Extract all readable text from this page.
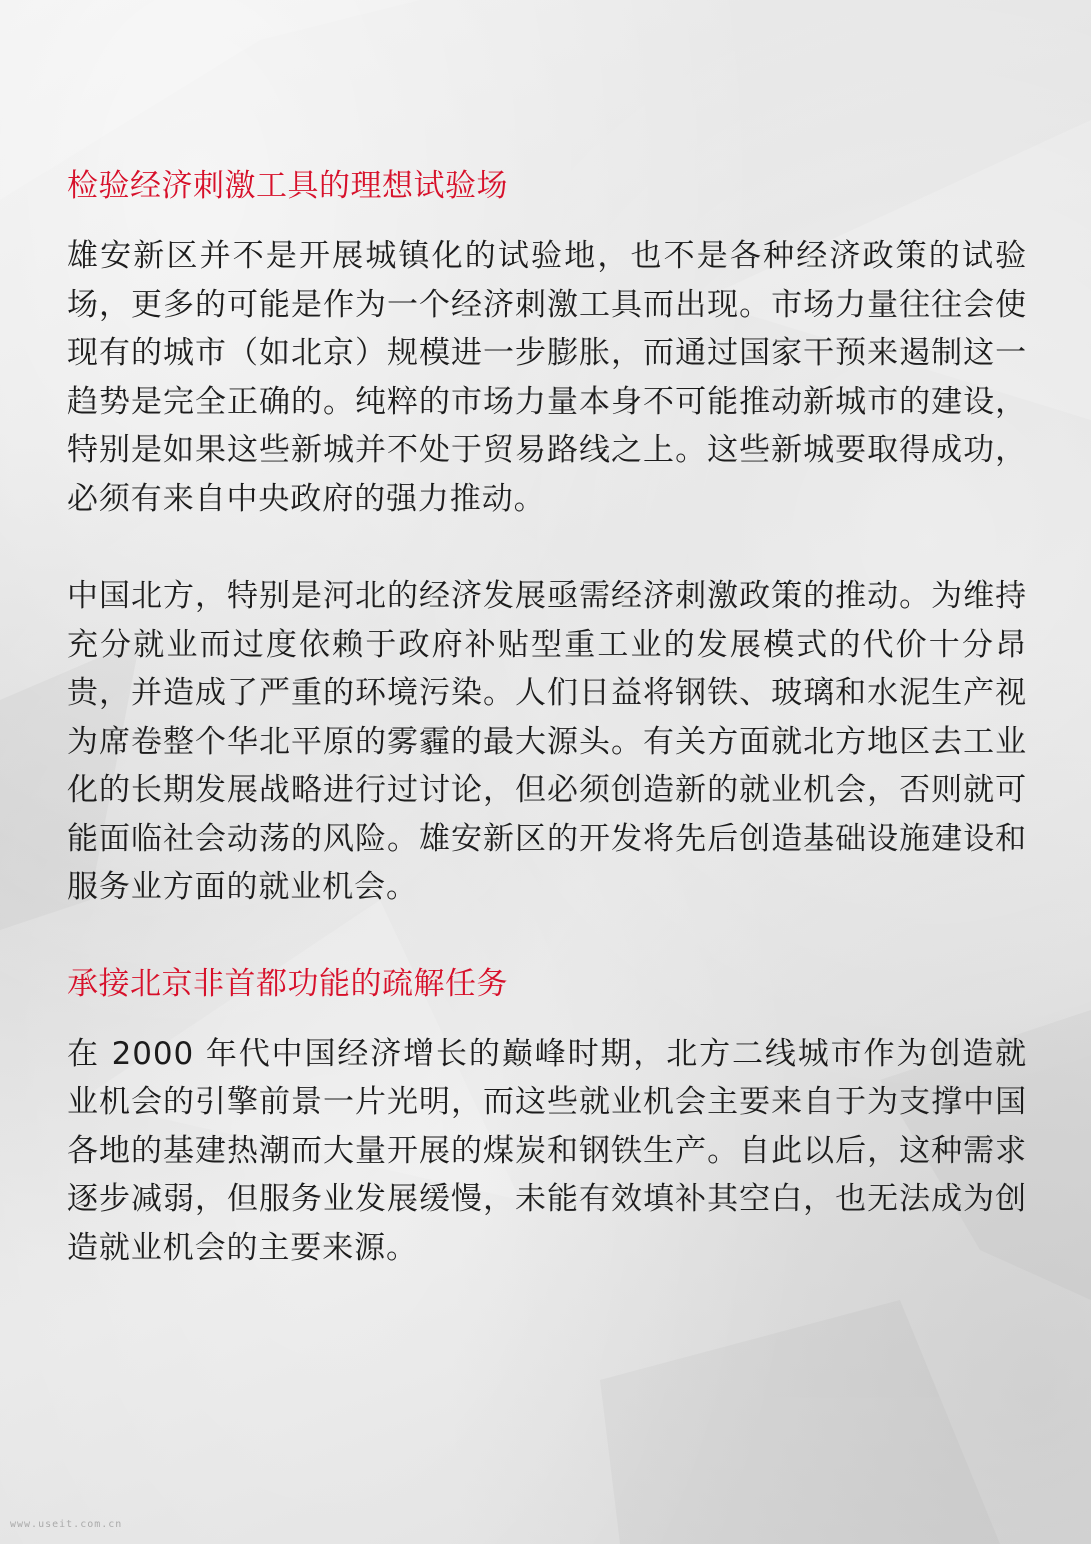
检验经济刺激工具的理想试验场

雄安新区并不是开展城镇化的试验地，也不是各种经济政策的试验场，更多的可能是作为一个经济刺激工具而出现。市场力量往往会使现有的城市（如北京）规模进一步膨胀，而通过国家干预来遏制这一趋势是完全正确的。纯粹的市场力量本身不可能推动新城市的建设，特别是如果这些新城并不处于贸易路线之上。这些新城要取得成功，必须有来自中央政府的强力推动。

中国北方，特别是河北的经济发展亟需经济刺激政策的推动。为维持充分就业而过度依赖于政府补贴型重工业的发展模式的代价十分昂贵，并造成了严重的环境污染。人们日益将钢铁、玻璃和水泥生产视为席卷整个华北平原的雾霾的最大源头。有关方面就北方地区去工业化的长期发展战略进行过讨论，但必须创造新的就业机会，否则就可能面临社会动荡的风险。雄安新区的开发将先后创造基础设施建设和服务业方面的就业机会。

承接北京非首都功能的疏解任务

在 2000 年代中国经济增长的巅峰时期，北方二线城市作为创造就业机会的引擎前景一片光明，而这些就业机会主要来自于为支撑中国各地的基建热潮而大量开展的煤炭和钢铁生产。自此以后，这种需求逐步减弱，但服务业发展缓慢，未能有效填补其空白，也无法成为创造就业机会的主要来源。

www.useit.com.cn
